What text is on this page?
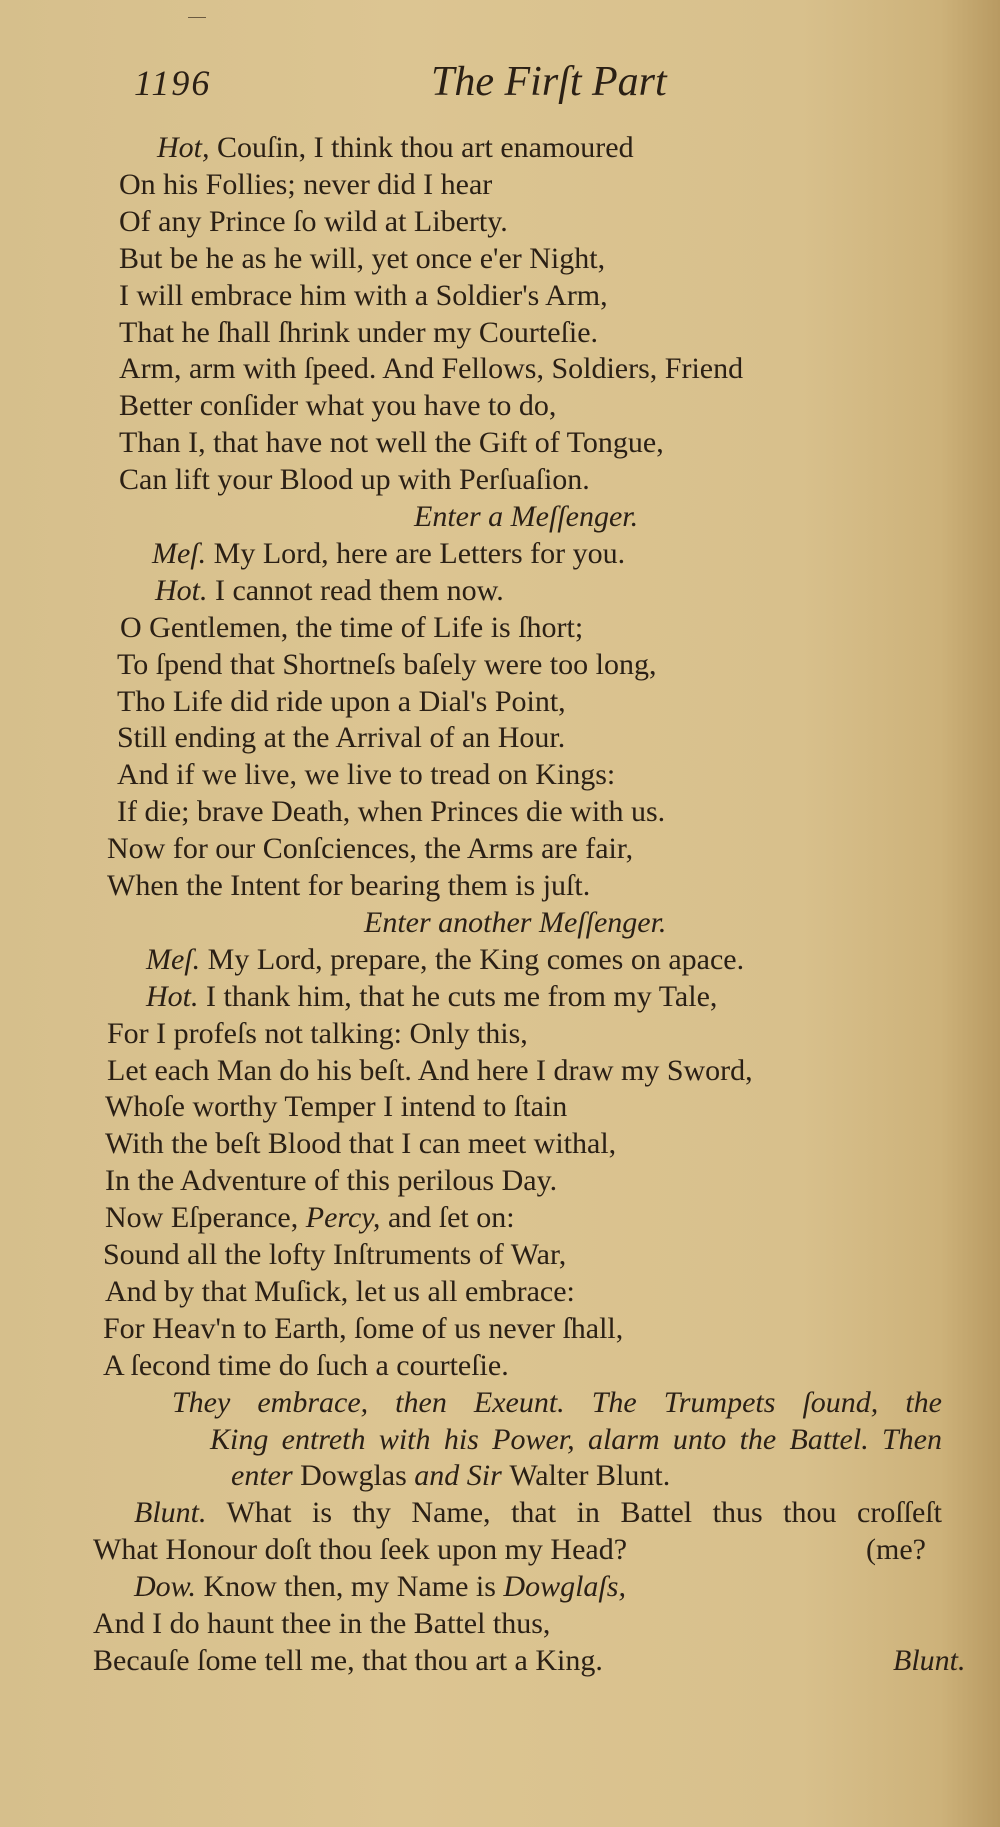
1196	The Firſt Part
Hot, Couſin, I think thou art enamoured
On his Follies; never did I hear
Of any Prince ſo wild at Liberty.
But be he as he will, yet once e'er Night,
I will embrace him with a Soldier's Arm,
That he ſhall ſhrink under my Courteſie.
Arm, arm with ſpeed. And Fellows, Soldiers, Friend
Better conſider what you have to do,
Than I, that have not well the Gift of Tongue,
Can lift your Blood up with Perſuaſion.
Enter a Meſſenger.
Meſ. My Lord, here are Letters for you.
Hot. I cannot read them now.
O Gentlemen, the time of Life is ſhort;
To ſpend that Shortneſs baſely were too long,
Tho Life did ride upon a Dial's Point,
Still ending at the Arrival of an Hour.
And if we live, we live to tread on Kings:
If die; brave Death, when Princes die with us.
Now for our Conſciences, the Arms are fair,
When the Intent for bearing them is juſt.
Enter another Meſſenger.
Meſ. My Lord, prepare, the King comes on apace.
Hot. I thank him, that he cuts me from my Tale,
For I profeſs not talking: Only this,
Let each Man do his beſt. And here I draw my Sword,
Whoſe worthy Temper I intend to ſtain
With the beſt Blood that I can meet withal,
In the Adventure of this perilous Day.
Now Eſperance, Percy, and ſet on:
Sound all the lofty Inſtruments of War,
And by that Muſick, let us all embrace:
For Heav'n to Earth, ſome of us never ſhall,
A ſecond time do ſuch a courteſie.
They embrace, then Exeunt. The Trumpets ſound, the
King entreth with his Power, alarm unto the Battel. Then
enter Dowglas and Sir Walter Blunt.
Blunt. What is thy Name, that in Battel thus thou croſſeſt
What Honour doſt thou ſeek upon my Head?
Dow. Know then, my Name is Dowglaſs,
And I do haunt thee in the Battel thus,
Becauſe ſome tell me, that thou art a King.
(me?
Blunt.
